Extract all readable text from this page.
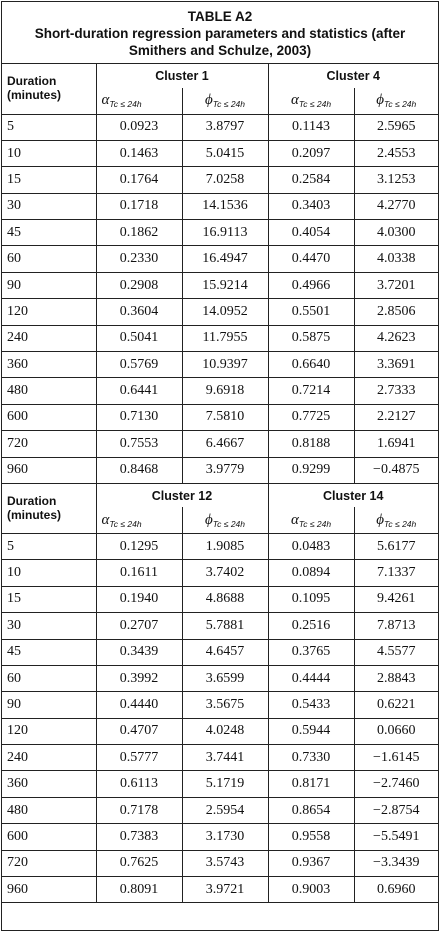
TABLE A2
Short-duration regression parameters and statistics (after Smithers and Schulze, 2003)
Duration
(minutes)	Cluster 1		Cluster 4	
	$\alpha_{Tc \le 24h}$	$\phi_{Tc \le 24h}$	$\alpha_{Tc \le 24h}$	$\phi_{Tc \le 24h}$
5	0.0923	3.8797	0.1143	2.5965
10	0.1463	5.0415	0.2097	2.4553
15	0.1764	7.0258	0.2584	3.1253
30	0.1718	14.1536	0.3403	4.2770
45	0.1862	16.9113	0.4054	4.0300
60	0.2330	16.4947	0.4470	4.0338
90	0.2908	15.9214	0.4966	3.7201
120	0.3604	14.0952	0.5501	2.8506
240	0.5041	11.7955	0.5875	4.2623
360	0.5769	10.9397	0.6640	3.3691
480	0.6441	9.6918	0.7214	2.7333
600	0.7130	7.5810	0.7725	2.2127
720	0.7553	6.4667	0.8188	1.6941
960	0.8468	3.9779	0.9299	−0.4875

Duration
(minutes)	Cluster 12		Cluster 14	
	$\alpha_{Tc \le 24h}$	$\phi_{Tc \le 24h}$	$\alpha_{Tc \le 24h}$	$\phi_{Tc \le 24h}$
5	0.1295	1.9085	0.0483	5.6177
10	0.1611	3.7402	0.0894	7.1337
15	0.1940	4.8688	0.1095	9.4261
30	0.2707	5.7881	0.2516	7.8713
45	0.3439	4.6457	0.3765	4.5577
60	0.3992	3.6599	0.4444	2.8843
90	0.4440	3.5675	0.5433	0.6221
120	0.4707	4.0248	0.5944	0.0660
240	0.5777	3.7441	0.7330	−1.6145
360	0.6113	5.1719	0.8171	−2.7460
480	0.7178	2.5954	0.8654	−2.8754
600	0.7383	3.1730	0.9558	−5.5491
720	0.7625	3.5743	0.9367	−3.3439
960	0.8091	3.9721	0.9003	0.6960
